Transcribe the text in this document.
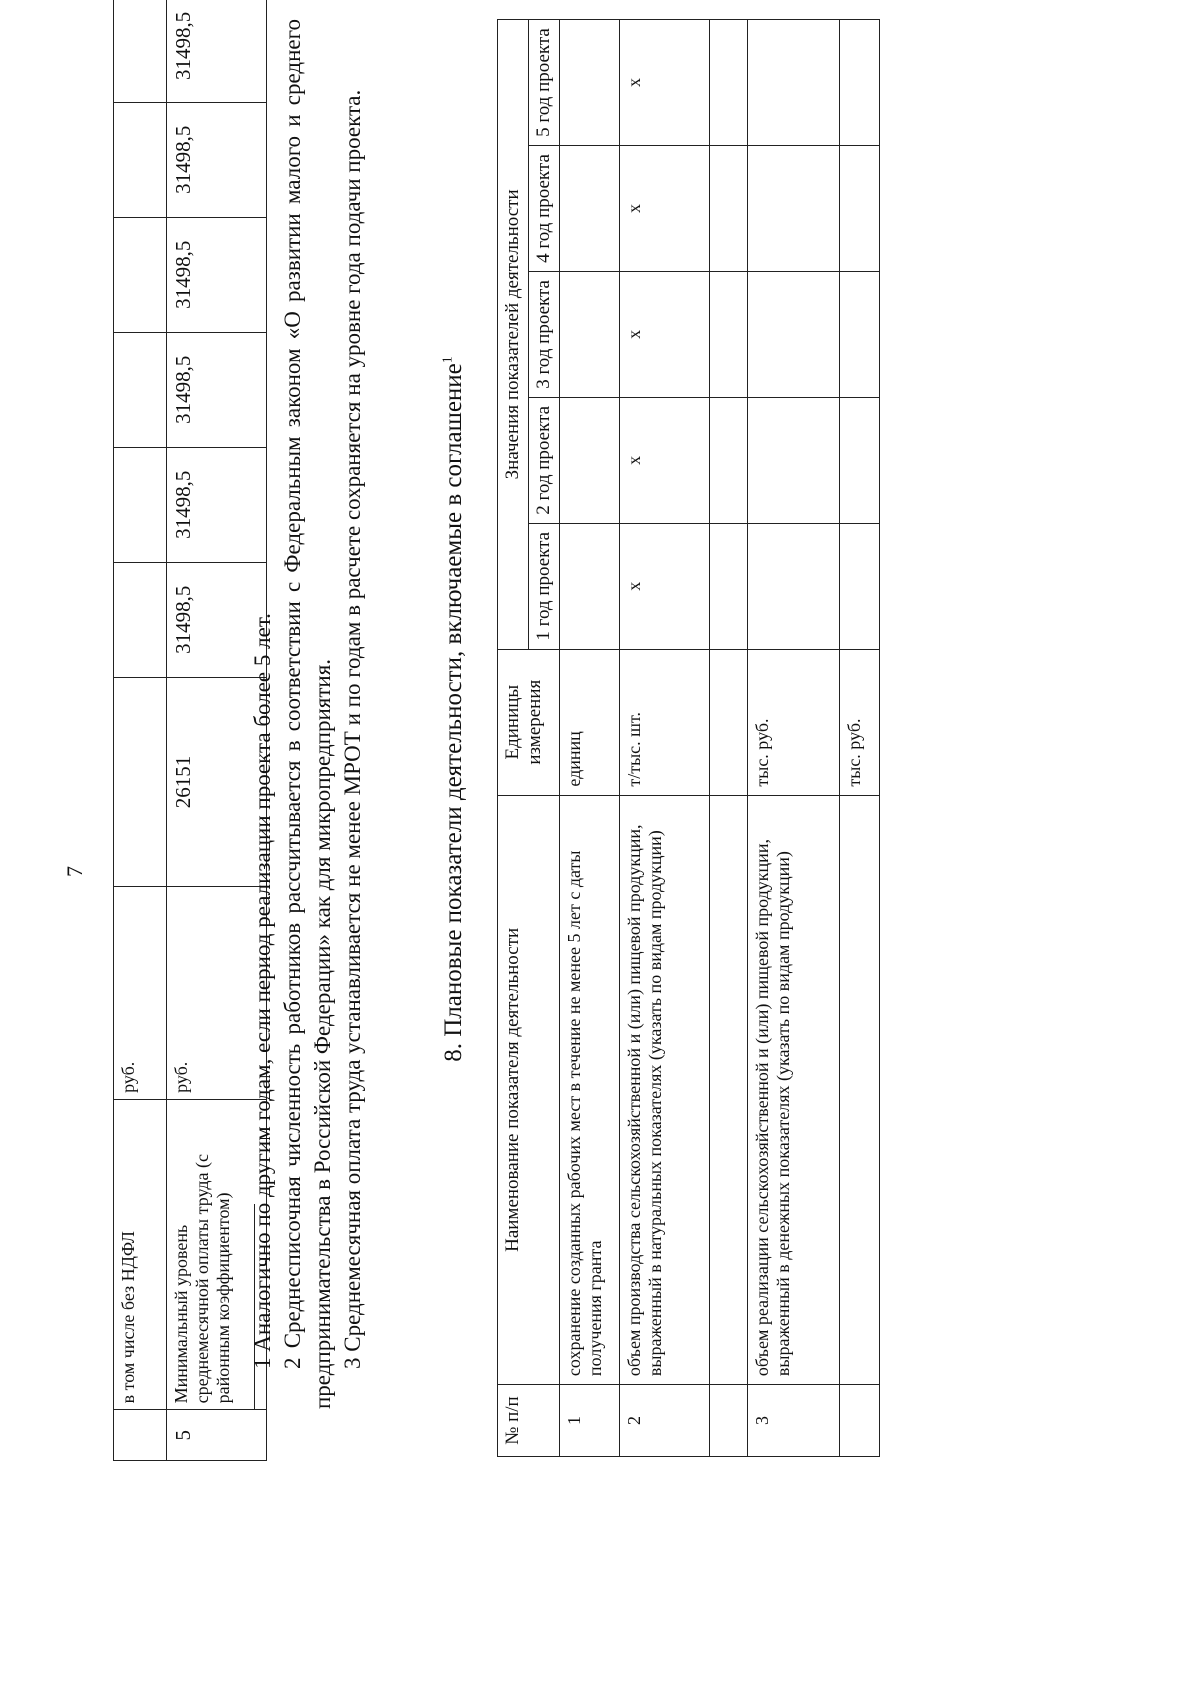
7
	в том числе без НДФЛ	руб.							
5	Минимальный уровень среднемесячной оплаты труда (с районным коэффициентом)	руб.	26151	31498,5	31498,5	31498,5	31498,5	31498,5	31498,5

1 Аналогично по другим годам, если период реализации проекта более 5 лет. 2 Среднесписочная численность работников рассчитывается в соответствии с Федеральным законом «О развитии малого и среднего предпринимательства в Российской Федерации» как для микропредприятия. 3 Среднемесячная оплата труда устанавливается не менее МРОТ и по годам в расчете сохраняется на уровне года подачи проекта.	8. Плановые показатели деятельности, включаемые в соглашение$^1$
№ п/п	Наименование показателя деятельности	Единицы измерения	Значения показателей деятельности				
			1 год проекта	2 год проекта	3 год проекта	4 год проекта	5 год проекта
1	сохранение созданных рабочих мест в течение не менее 5 лет с даты получения гранта	единиц					
2	объем производства сельскохозяйственной и (или) пищевой продукции, выраженный в натуральных показателях (указать по видам продукции)	т/тыс. шт.	х	х	х	х	х

3	объем реализации сельскохозяйственной и (или) пищевой продукции, выраженный в денежных показателях (указать по видам продукции)	тыс. руб.					
		тыс. руб.					
